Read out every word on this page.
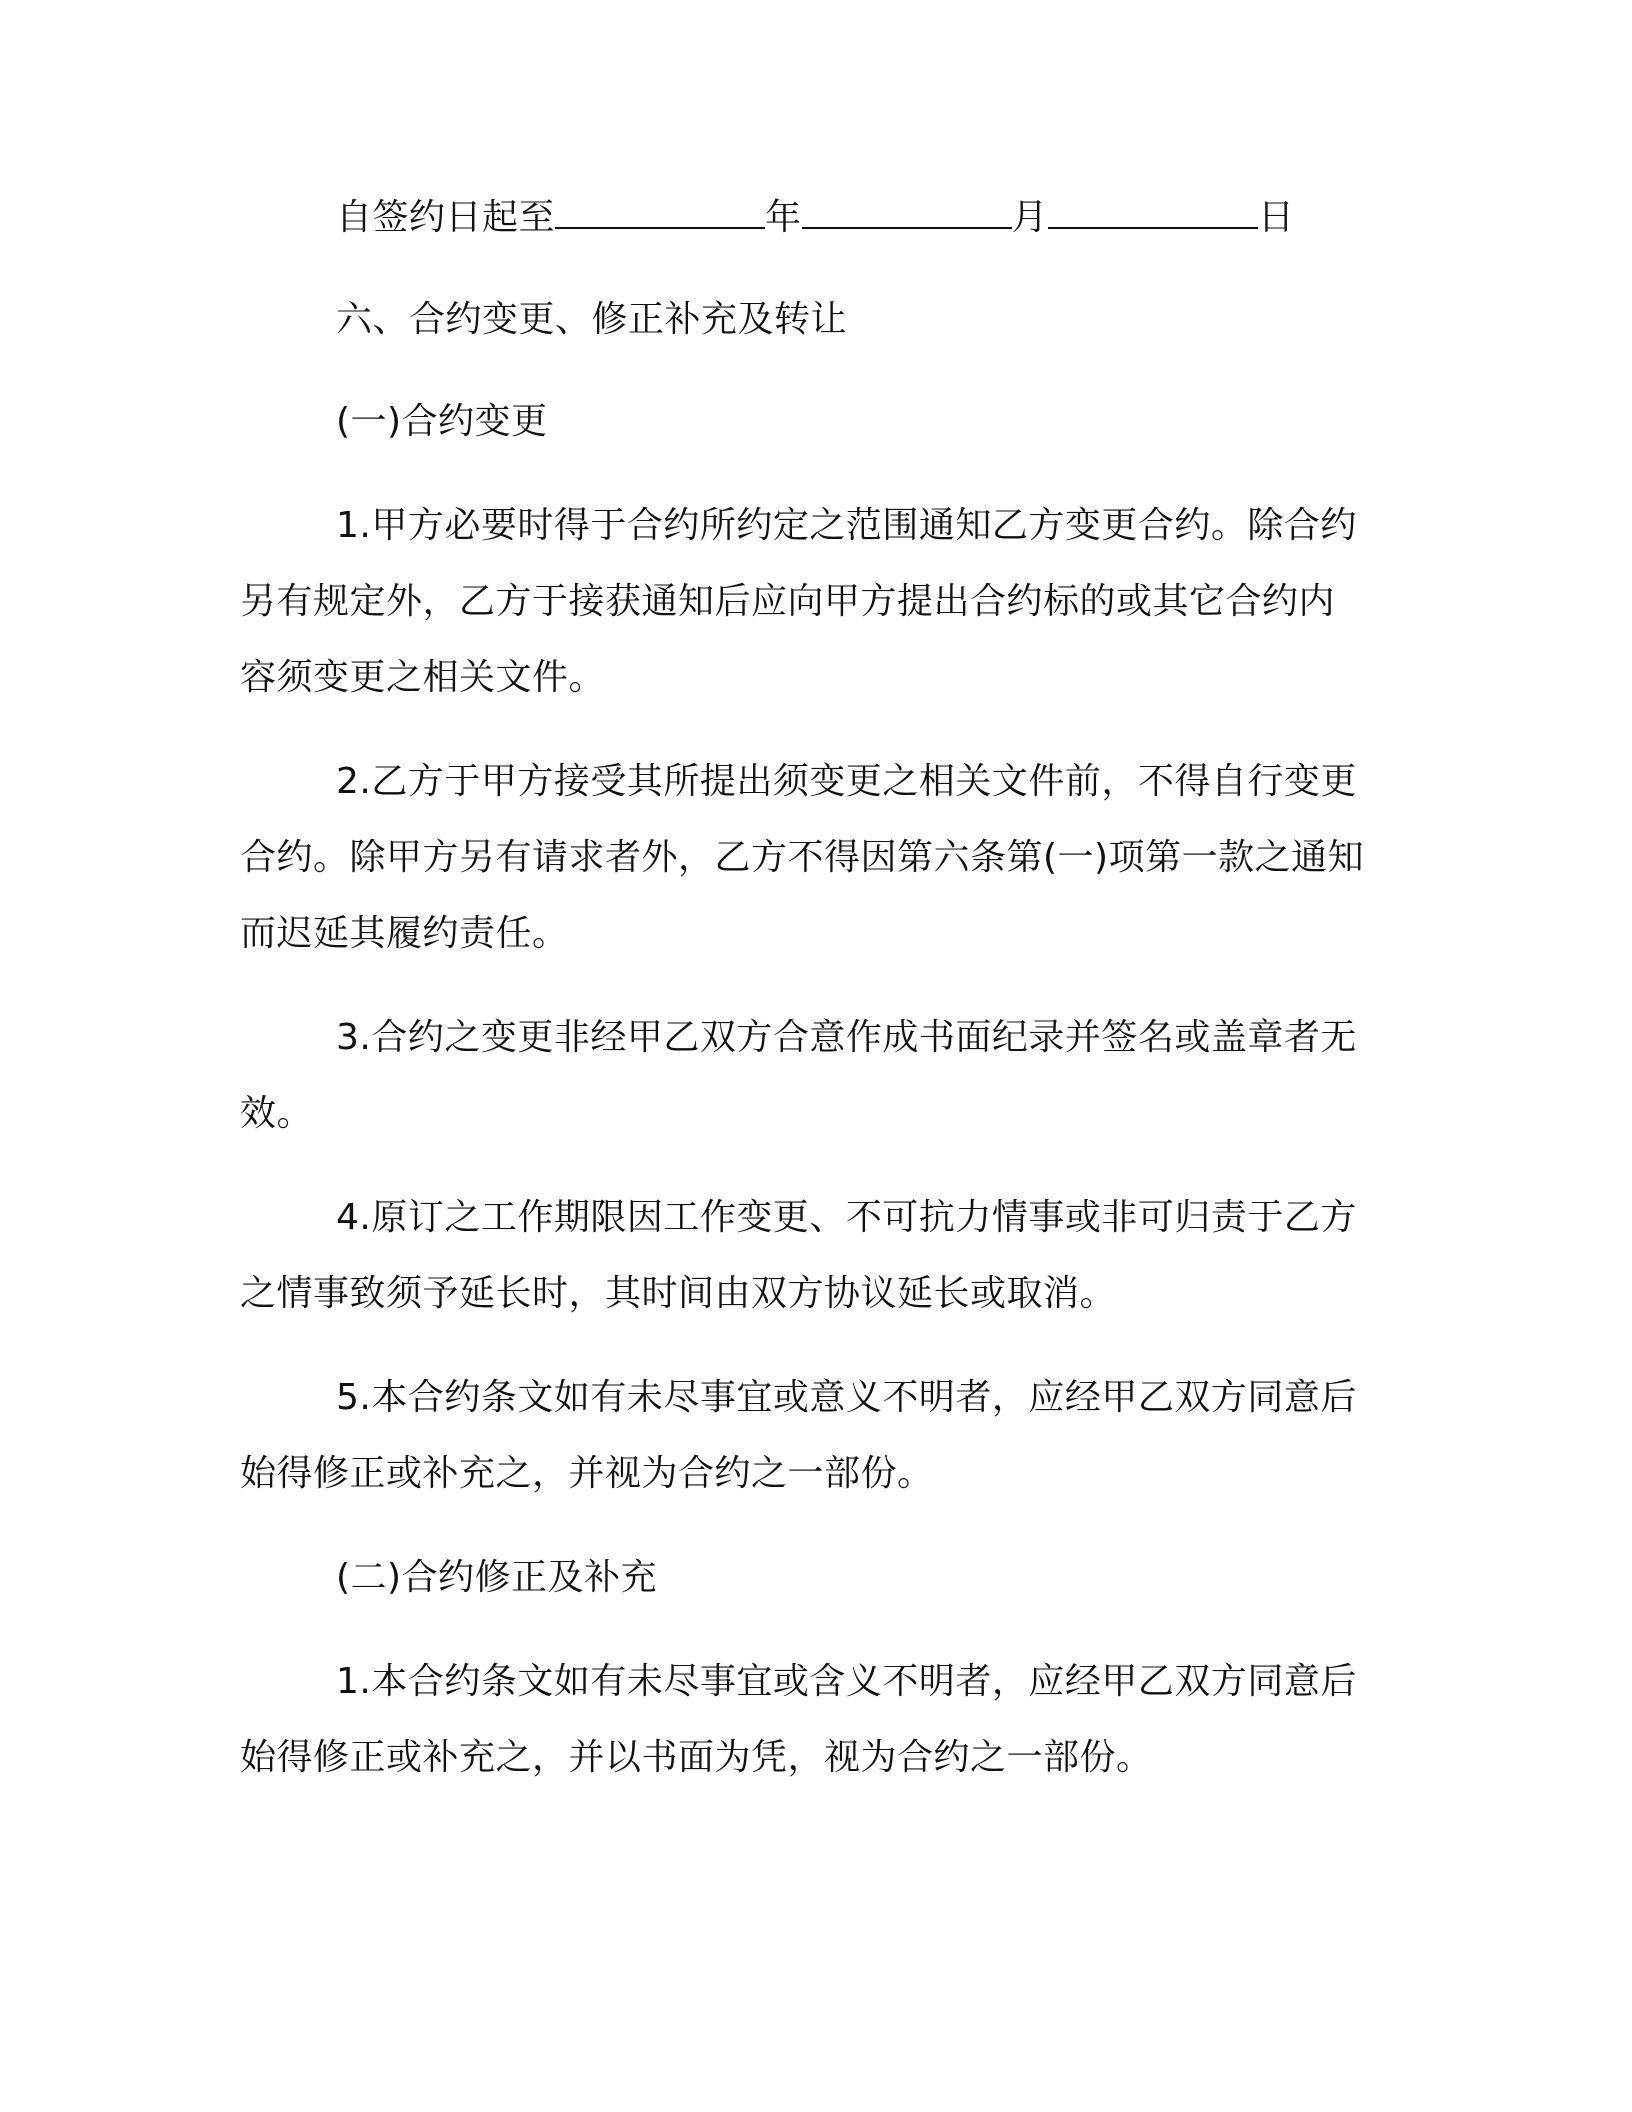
自签约日起至	年	月	日
六、合约变更、修正补充及转让
(一)合约变更
1.甲方必要时得于合约所约定之范围通知乙方变更合约。除合约
另有规定外，乙方于接获通知后应向甲方提出合约标的或其它合约内
容须变更之相关文件。
2.乙方于甲方接受其所提出须变更之相关文件前，不得自行变更
合约。除甲方另有请求者外，乙方不得因第六条第(一)项第一款之通知
而迟延其履约责任。
3.合约之变更非经甲乙双方合意作成书面纪录并签名或盖章者无
效。
4.原订之工作期限因工作变更、不可抗力情事或非可归责于乙方
之情事致须予延长时，其时间由双方协议延长或取消。
5.本合约条文如有未尽事宜或意义不明者，应经甲乙双方同意后
始得修正或补充之，并视为合约之一部份。
(二)合约修正及补充
1.本合约条文如有未尽事宜或含义不明者，应经甲乙双方同意后
始得修正或补充之，并以书面为凭，视为合约之一部份。
